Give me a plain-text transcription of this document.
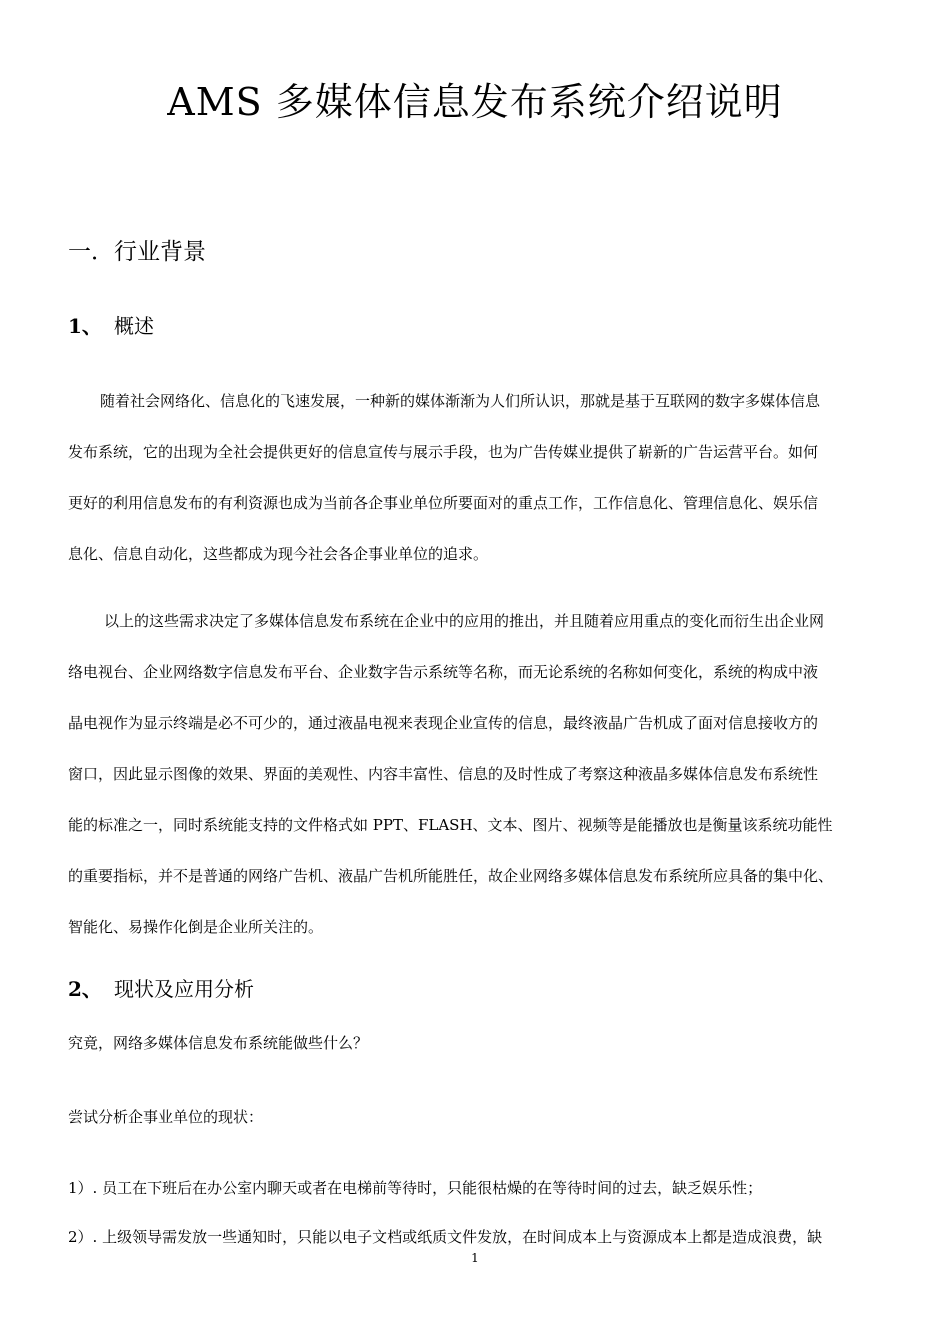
AMS 多媒体信息发布系统介绍说明
一．行业背景
1、 概述
随着社会网络化、信息化的飞速发展，一种新的媒体渐渐为人们所认识，那就是基于互联网的数字多媒体信息
发布系统，它的出现为全社会提供更好的信息宣传与展示手段，也为广告传媒业提供了崭新的广告运营平台。如何
更好的利用信息发布的有利资源也成为当前各企事业单位所要面对的重点工作，工作信息化、管理信息化、娱乐信
息化、信息自动化，这些都成为现今社会各企事业单位的追求。
以上的这些需求决定了多媒体信息发布系统在企业中的应用的推出，并且随着应用重点的变化而衍生出企业网
络电视台、企业网络数字信息发布平台、企业数字告示系统等名称，而无论系统的名称如何变化，系统的构成中液
晶电视作为显示终端是必不可少的，通过液晶电视来表现企业宣传的信息，最终液晶广告机成了面对信息接收方的
窗口，因此显示图像的效果、界面的美观性、内容丰富性、信息的及时性成了考察这种液晶多媒体信息发布系统性
能的标准之一，同时系统能支持的文件格式如 PPT、FLASH、文本、图片、视频等是能播放也是衡量该系统功能性
的重要指标，并不是普通的网络广告机、液晶广告机所能胜任，故企业网络多媒体信息发布系统所应具备的集中化、
智能化、易操作化倒是企业所关注的。
2、 现状及应用分析
究竟，网络多媒体信息发布系统能做些什么？
尝试分析企事业单位的现状：
1）. 员工在下班后在办公室内聊天或者在电梯前等待时，只能很枯燥的在等待时间的过去，缺乏娱乐性；
2）. 上级领导需发放一些通知时，只能以电子文档或纸质文件发放，在时间成本上与资源成本上都是造成浪费，缺
1
